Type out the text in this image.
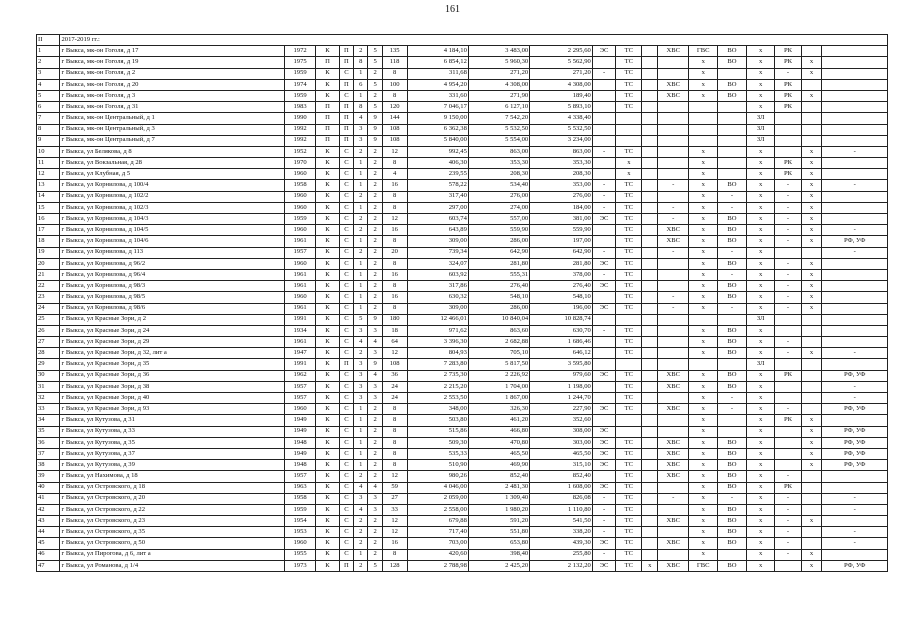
161
II	2017-2019 гг.:																			
1	г Выкса, мк-он Гоголя, д 17	1972	К	П	2	5	135	4 184,10	3 483,00	2 295,60	ЭС	ТС		ХВС	ГВС	ВО	х	РК		
2	г Выкса, мк-он Гоголя, д 19	1975	П	П	8	5	118	6 854,12	5 960,30	5 562,90		ТС			х	ВО	х	РК	х	
3	г Выкса, мк-он Гоголя, д 2	1959	К	С	1	2	8	311,68	271,20	271,20	-	ТС			х		х	-	х	
4	г Выкса, мк-он Гоголя, д 20	1974	К	П	6	5	100	4 954,20	4 308,00	4 308,00		ТС		ХВС	х	ВО	х	РК		
5	г Выкса, мк-он Гоголя, д 3	1959	К	С	1	2	8	331,60	271,90	189,40		ТС		ХВС	х	ВО	х	РК	х	
6	г Выкса, мк-он Гоголя, д 31	1983	П	П	8	5	120	7 046,17	6 127,10	5 893,10		ТС					х	РК		
7	г Выкса, мк-он Центральный, д 1	1990	П	П	4	9	144	9 150,00	7 542,20	4 338,40							ЗЛ			
8	г Выкса, мк-он Центральный, д 3	1992	П	П	3	9	108	6 362,38	5 532,50	5 532,50							ЗЛ			
9	г Выкса, мк-он Центральный, д 7	1992	П	П	3	9	108	5 840,00	5 554,00	3 234,00							ЗЛ			
10	г Выкса, ул Белякова, д 8	1952	К	С	2	2	12	992,45	863,00	863,00	-	ТС			х		х		х	-
11	г Выкса, ул Вокзальная, д 28	1970	К	С	1	2	8	406,30	353,30	353,30		х			х		х	РК	х	
12	г Выкса, ул Клубная, д 5	1960	К	С	1	2	4	239,55	208,30	208,30		х			х		х	РК	х	
13	г Выкса, ул Корнилова, д 100/4	1958	К	С	1	2	16	578,22	534,40	353,00	-	ТС		-	х	ВО	х	-	х	-
14	г Выкса, ул Корнилова, д 102/2	1960	К	С	2	2	8	317,40	276,00	276,00	-	ТС			х	-	х	-	х	
15	г Выкса, ул Корнилова, д 102/3	1960	К	С	1	2	8	297,00	274,00	184,00	-	ТС		-	х	-	х	-	х	
16	г Выкса, ул Корнилова, д 104/3	1959	К	С	2	2	12	603,74	557,00	381,00	ЭС	ТС		-	х	ВО	х	-	х	
17	г Выкса, ул Корнилова, д 104/5	1960	К	С	2	2	16	643,89	559,90	559,90		ТС		ХВС	х	ВО	х	-	х	-
18	г Выкса, ул Корнилова, д 104/6	1961	К	С	1	2	8	309,00	286,00	197,00		ТС		ХВС	х	ВО	х	-	х	РФ, УФ
19	г Выкса, ул Корнилова, д 113	1957	К	С	2	2	20	739,34	642,90	642,90	-	ТС		-	х	-	х			-
20	г Выкса, ул Корнилова, д 96/2	1960	К	С	1	2	8	324,07	281,80	281,80	ЭС	ТС			х	ВО	х	-	х	
21	г Выкса, ул Корнилова, д 96/4	1961	К	С	1	2	16	603,92	555,31	378,00	-	ТС			х	-	х	-	х	
22	г Выкса, ул Корнилова, д 98/3	1961	К	С	1	2	8	317,86	276,40	276,40	ЭС	ТС			х	ВО	х	-	х	
23	г Выкса, ул Корнилова, д 98/5	1960	К	С	1	2	16	630,32	548,10	548,10		ТС		-	х	ВО	х	-	х	
24	г Выкса, ул Корнилова, д 98/6	1961	К	С	1	2	8	309,00	286,00	196,00	ЭС	ТС		-	х	-	х	-	х	
25	г Выкса, ул Красные Зори, д 2	1991	К	С	5	9	180	12 466,01	10 840,04	10 828,74							ЗЛ			
26	г Выкса, ул Красные Зори, д 24	1934	К	С	3	3	18	971,62	863,60	630,70	-	ТС			х	ВО	х			
27	г Выкса, ул Красные Зори, д 29	1961	К	С	4	4	64	3 396,30	2 682,88	1 686,46		ТС			х	ВО	х	-		
28	г Выкса, ул Красные Зори, д 32, лит а	1947	К	С	2	3	12	804,93	705,10	646,12		ТС			х	ВО	х	-	х	-
29	г Выкса, ул Красные Зори, д 35	1991	К	П	3	9	108	7 283,80	5 817,50	3 595,80							ЗЛ			
30	г Выкса, ул Красные Зори, д 36	1962	К	С	3	4	36	2 735,30	2 226,92	979,60	ЭС	ТС		ХВС	х	ВО	х	РК		РФ, УФ
31	г Выкса, ул Красные Зори, д 38	1957	К	С	3	3	24	2 215,20	1 704,00	1 198,00		ТС		ХВС	х	ВО	х			-
32	г Выкса, ул Красные Зори, д 40	1957	К	С	3	3	24	2 553,50	1 867,00	1 244,70		ТС			х	-	х			-
33	г Выкса, ул Красные Зори, д 93	1960	К	С	1	2	8	348,00	326,30	227,90	ЭС	ТС		ХВС	х	-	х	-		РФ, УФ
34	г Выкса, ул Кутузова, д 31	1949	К	С	1	2	8	503,80	461,20	352,60					х		х	РК	х	
35	г Выкса, ул Кутузова, д 33	1949	К	С	1	2	8	515,86	466,80	308,00	ЭС				х		х		х	РФ, УФ
36	г Выкса, ул Кутузова, д 35	1948	К	С	1	2	8	509,30	470,80	303,00	ЭС	ТС		ХВС	х	ВО	х		х	РФ, УФ
37	г Выкса, ул Кутузова, д 37	1949	К	С	1	2	8	535,33	465,50	465,50	ЭС	ТС		ХВС	х	ВО	х		х	РФ, УФ
38	г Выкса, ул Кутузова, д 39	1948	К	С	1	2	8	510,90	469,90	315,10	ЭС	ТС		ХВС	х	ВО	х		х	РФ, УФ
39	г Выкса, ул Нахимова, д 18	1957	К	С	2	2	12	980,26	852,40	852,40		ТС		ХВС	х	ВО	х	-		
40	г Выкса, ул Островского, д 18	1963	К	С	4	4	59	4 046,00	2 481,30	1 608,00	ЭС	ТС			х	ВО	х	РК		
41	г Выкса, ул Островского, д 20	1958	К	С	3	3	27	2 059,00	1 309,40	826,08	-	ТС		-	х	-	х	-		-
42	г Выкса, ул Островского, д 22	1959	К	С	4	3	33	2 558,00	1 980,20	1 110,80	-	ТС			х	ВО	х	-		-
43	г Выкса, ул Островского, д 23	1954	К	С	2	2	12	679,88	591,20	541,50	-	ТС		ХВС	х	ВО	х	-	х	
44	г Выкса, ул Островского, д 35	1953	К	С	2	2	12	717,40	551,80	338,20	-	ТС			х	ВО	х	-		-
45	г Выкса, ул Островского, д 50	1960	К	С	2	2	16	703,00	653,80	439,30	ЭС	ТС		ХВС	х	ВО	х	-		-
46	г Выкса, ул Пирогова, д 6, лит а	1955	К	С	1	2	8	420,60	398,40	255,80	-	ТС			х		х	-	х	
47	г Выкса, ул Романова, д 1/4	1973	К	П	2	5	128	2 788,98	2 425,20	2 132,20	ЭС	ТС	х	ХВС	ГВС	ВО	х		х	РФ, УФ
